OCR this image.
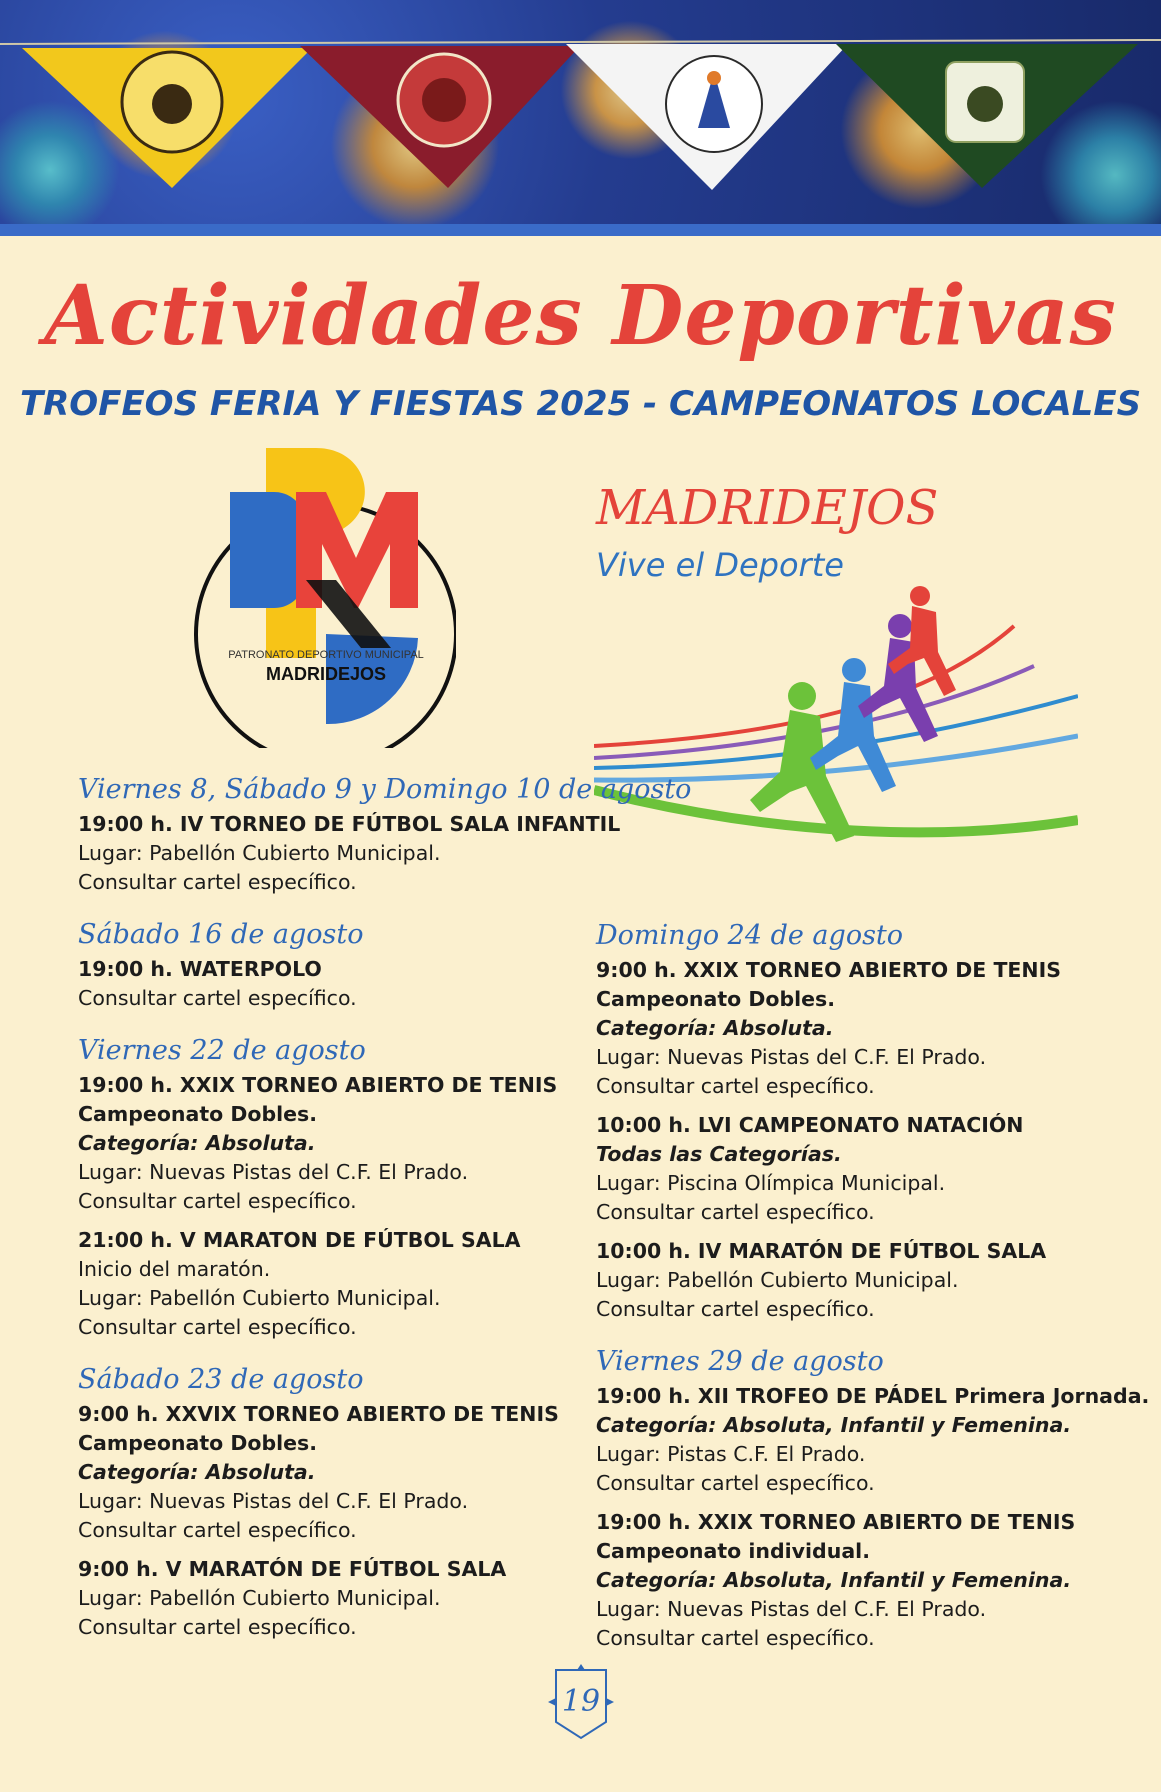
Actividades Deportivas
TROFEOS FERIA Y FIESTAS 2025 - CAMPEONATOS LOCALES
PATRONATO DEPORTIVO MUNICIPAL
MADRIDEJOS
MADRIDEJOS
Vive el Deporte
Viernes 8, Sábado 9 y Domingo 10 de agosto
19:00 h. IV TORNEO DE FÚTBOL SALA INFANTIL
Lugar: Pabellón Cubierto Municipal.
Consultar cartel específico.
Sábado 16 de agosto
19:00 h. WATERPOLO
Consultar cartel específico.
Viernes 22 de agosto
19:00 h. XXIX TORNEO ABIERTO DE TENIS
Campeonato Dobles.
Categoría: Absoluta.
Lugar: Nuevas Pistas del C.F. El Prado.
Consultar cartel específico.
21:00 h. V MARATON DE FÚTBOL SALA
Inicio del maratón.
Lugar: Pabellón Cubierto Municipal.
Consultar cartel específico.
Sábado 23 de agosto
9:00 h. XXVIX TORNEO ABIERTO DE TENIS
Campeonato Dobles.
Categoría: Absoluta.
Lugar: Nuevas Pistas del C.F. El Prado.
Consultar cartel específico.
9:00 h. V MARATÓN DE FÚTBOL SALA
Lugar: Pabellón Cubierto Municipal.
Consultar cartel específico.
Domingo 24 de agosto
9:00 h. XXIX TORNEO ABIERTO DE TENIS
Campeonato Dobles.
Categoría: Absoluta.
Lugar: Nuevas Pistas del C.F. El Prado.
Consultar cartel específico.
10:00 h. LVI CAMPEONATO NATACIÓN
Todas las Categorías.
Lugar: Piscina Olímpica Municipal.
Consultar cartel específico.
10:00 h. IV MARATÓN DE FÚTBOL SALA
Lugar: Pabellón Cubierto Municipal.
Consultar cartel específico.
Viernes 29 de agosto
19:00 h. XII TROFEO DE PÁDEL Primera Jornada.
Categoría: Absoluta, Infantil y Femenina.
Lugar: Pistas C.F. El Prado.
Consultar cartel específico.
19:00 h. XXIX TORNEO ABIERTO DE TENIS
Campeonato individual.
Categoría: Absoluta, Infantil y Femenina.
Lugar: Nuevas Pistas del C.F. El Prado.
Consultar cartel específico.
19
